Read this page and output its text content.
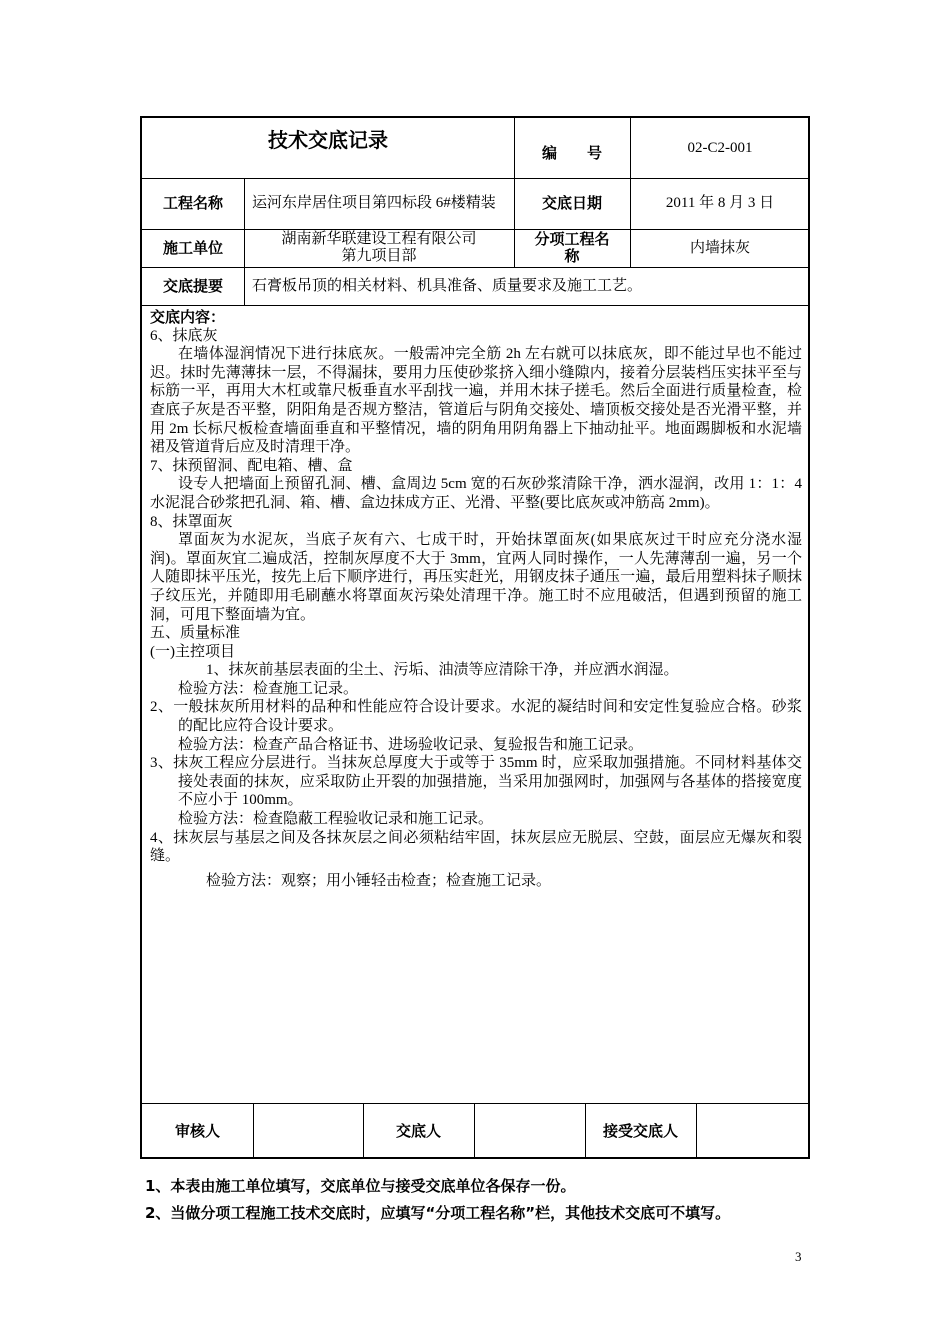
技术交底记录
编　　号	02-C2-001
工程名称	运河东岸居住项目第四标段 6#楼精装	交底日期	2011 年 8 月 3 日
施工单位	湖南新华联建设工程有限公司
第九项目部
分项工程名称	内墙抹灰
交底提要	石膏板吊顶的相关材料、机具准备、质量要求及施工工艺。

交底内容：

6、抹底灰

在墙体湿润情况下进行抹底灰。一般需冲完全筋 2h 左右就可以抹底灰，即不能过早也不能过迟。抹时先薄薄抹一层，不得漏抹，要用力压使砂浆挤入细小缝隙内，接着分层装档压实抹平至与标筋一平，再用大木杠或靠尺板垂直水平刮找一遍，并用木抹子搓毛。然后全面进行质量检查，检查底子灰是否平整，阴阳角是否规方整洁，管道后与阴角交接处、墙顶板交接处是否光滑平整，并用 2m 长标尺板检查墙面垂直和平整情况，墙的阴角用阴角器上下抽动扯平。地面踢脚板和水泥墙裙及管道背后应及时清理干净。

7、抹预留洞、配电箱、槽、盒

设专人把墙面上预留孔洞、槽、盒周边 5cm 宽的石灰砂浆清除干净，洒水湿润，改用 1：1：4 水泥混合砂浆把孔洞、箱、槽、盒边抹成方正、光滑、平整(要比底灰或冲筋高 2mm)。

8、抹罩面灰

罩面灰为水泥灰，当底子灰有六、七成干时，开始抹罩面灰(如果底灰过干时应充分浇水湿润)。罩面灰宜二遍成活，控制灰厚度不大于 3mm，宜两人同时操作，一人先薄薄刮一遍，另一个人随即抹平压光，按先上后下顺序进行，再压实赶光，用钢皮抹子通压一遍，最后用塑料抹子顺抹子纹压光，并随即用毛刷蘸水将罩面灰污染处清理干净。施工时不应甩破活，但遇到预留的施工洞，可甩下整面墙为宜。

五、质量标准

(一)主控项目

1、抹灰前基层表面的尘土、污垢、油渍等应清除干净，并应洒水润湿。

检验方法：检查施工记录。

2、一般抹灰所用材料的品种和性能应符合设计要求。水泥的凝结时间和安定性复验应合格。砂浆的配比应符合设计要求。

检验方法：检查产品合格证书、进场验收记录、复验报告和施工记录。

3、抹灰工程应分层进行。当抹灰总厚度大于或等于 35mm 时，应采取加强措施。不同材料基体交接处表面的抹灰，应采取防止开裂的加强措施，当采用加强网时，加强网与各基体的搭接宽度不应小于 100mm。

检验方法：检查隐蔽工程验收记录和施工记录。

4、抹灰层与基层之间及各抹灰层之间必须粘结牢固，抹灰层应无脱层、空鼓，面层应无爆灰和裂缝。

检验方法：观察；用小锤轻击检查；检查施工记录。

审核人	交底人	接受交底人

1、本表由施工单位填写，交底单位与接受交底单位各保存一份。

2、当做分项工程施工技术交底时，应填写“分项工程名称”栏，其他技术交底可不填写。

3
